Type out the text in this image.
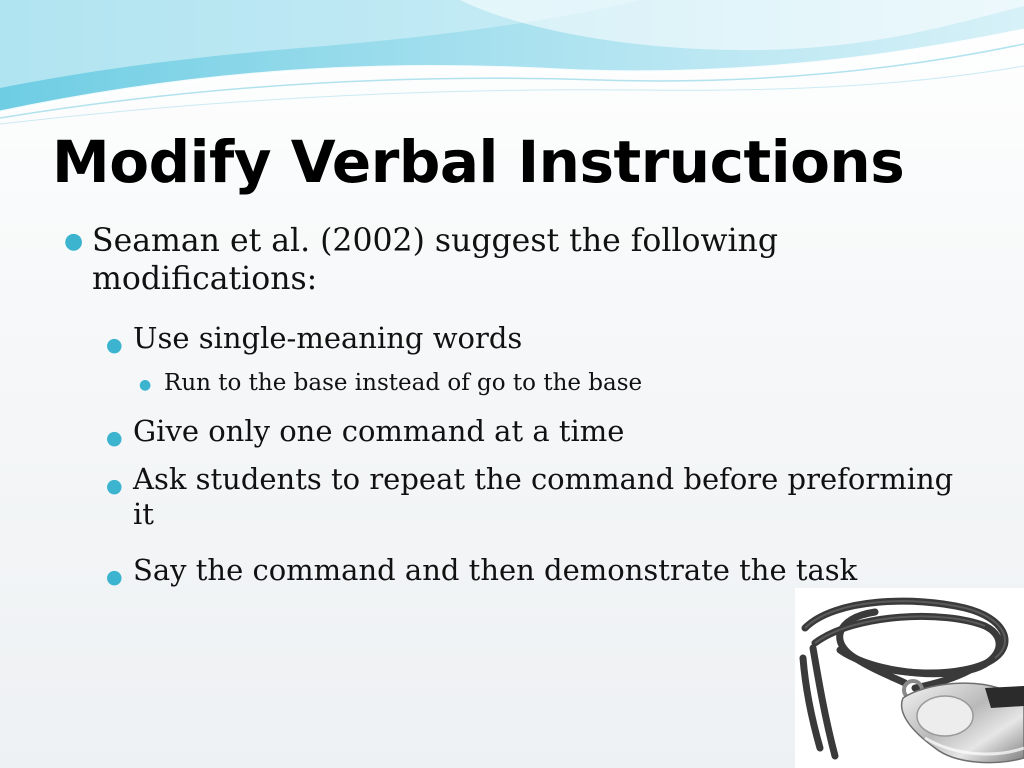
Modify Verbal Instructions
● Seaman et al. (2002) suggest the following modifications:
● Use single-meaning words
● Run to the base instead of go to the base
● Give only one command at a time
● Ask students to repeat the command before preforming it
● Say the command and then demonstrate the task
